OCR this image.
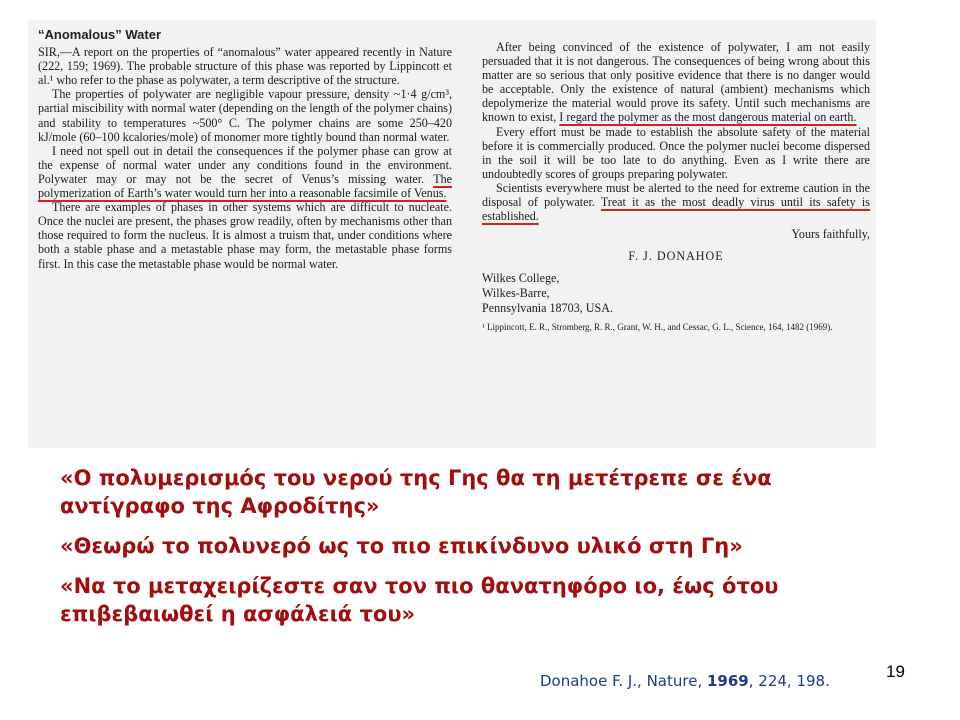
“Anomalous” Water

SIR,—A report on the properties of “anomalous” water appeared recently in Nature (222, 159; 1969). The probable structure of this phase was reported by Lippincott et al.¹ who refer to the phase as polywater, a term descriptive of the structure.

The properties of polywater are negligible vapour pressure, density ~1·4 g/cm³, partial miscibility with normal water (depending on the length of the polymer chains) and stability to temperatures ~500° C. The polymer chains are some 250–420 kJ/mole (60–100 kcalories/mole) of monomer more tightly bound than normal water.

I need not spell out in detail the consequences if the polymer phase can grow at the expense of normal water under any conditions found in the environment. Polywater may or may not be the secret of Venus’s missing water. The polymerization of Earth’s water would turn her into a reasonable facsimile of Venus.

There are examples of phases in other systems which are difficult to nucleate. Once the nuclei are present, the phases grow readily, often by mechanisms other than those required to form the nucleus. It is almost a truism that, under conditions where both a stable phase and a metastable phase may form, the metastable phase forms first. In this case the metastable phase would be normal water.

After being convinced of the existence of polywater, I am not easily persuaded that it is not dangerous. The consequences of being wrong about this matter are so serious that only positive evidence that there is no danger would be acceptable. Only the existence of natural (ambient) mechanisms which depolymerize the material would prove its safety. Until such mechanisms are known to exist, I regard the polymer as the most dangerous material on earth.

Every effort must be made to establish the absolute safety of the material before it is commercially produced. Once the polymer nuclei become dispersed in the soil it will be too late to do anything. Even as I write there are undoubtedly scores of groups preparing polywater.

Scientists everywhere must be alerted to the need for extreme caution in the disposal of polywater. Treat it as the most deadly virus until its safety is established.

Yours faithfully,
F. J. DONAHOE
Wilkes College,
Wilkes-Barre,
Pennsylvania 18703, USA.
¹ Lippincott, E. R., Stromberg, R. R., Grant, W. H., and Cessac, G. L., Science, 164, 1482 (1969).

«Ο πολυμερισμός του νερού της Γης θα τη μετέτρεπε σε ένα αντίγραφο της Αφροδίτης»

«Θεωρώ το πολυνερό ως το πιο επικίνδυνο υλικό στη Γη»

«Να το μεταχειρίζεστε σαν τον πιο θανατηφόρο ιο, έως ότου επιβεβαιωθεί η ασφάλειά του»

Donahoe F. J., Nature, 1969, 224, 198.	19
